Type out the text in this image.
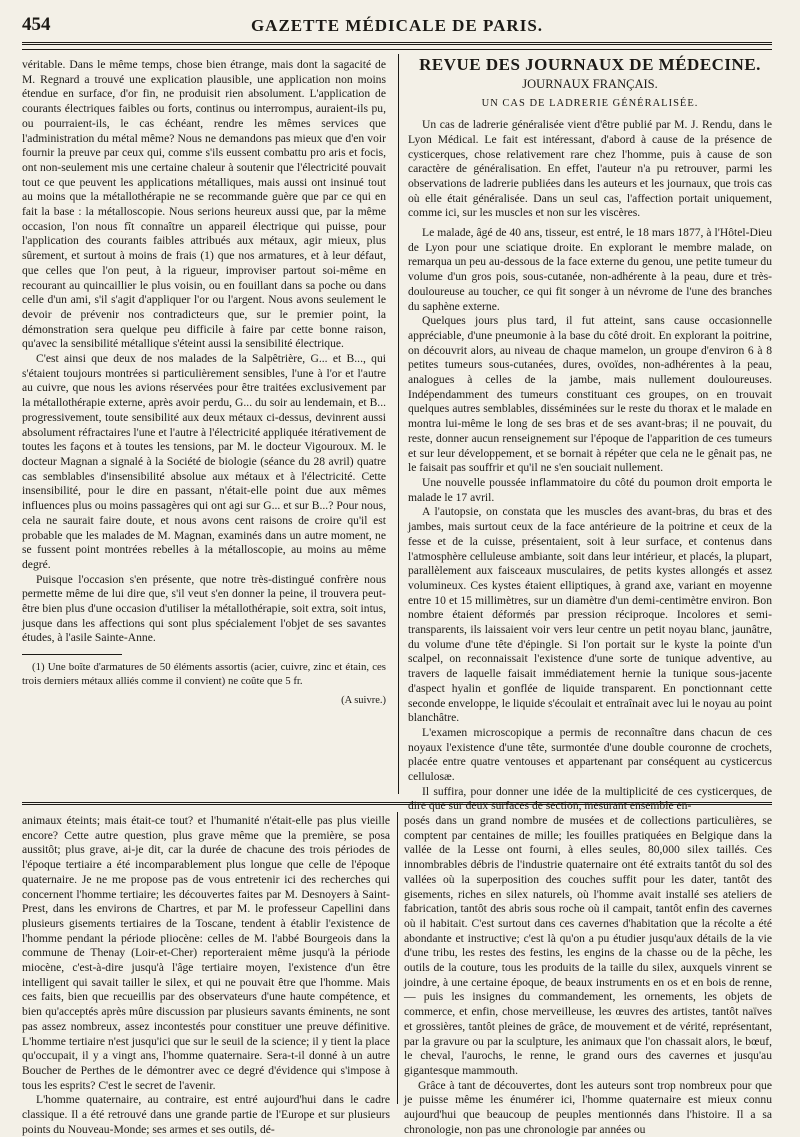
454	GAZETTE MÉDICALE DE PARIS.

véritable. Dans le même temps, chose bien étrange, mais dont la sagacité de M. Regnard a trouvé une explication plausible, une application non moins étendue en surface, d'or fin, ne produisit rien absolument. L'application de courants électriques faibles ou forts, continus ou interrompus, auraient-ils pu, ou pourraient-ils, le cas échéant, rendre les mêmes services que l'administration du métal même? Nous ne demandons pas mieux que d'en voir fournir la preuve par ceux qui, comme s'ils eussent combattu pro aris et focis, ont non-seulement mis une certaine chaleur à soutenir que l'électricité pouvait tout ce que peuvent les applications métalliques, mais aussi ont insinué tout au moins que la métallothérapie ne se recommande guère que par ce qui en fait la base : la métalloscopie. Nous serions heureux aussi que, par la même occasion, l'on nous fît connaître un appareil électrique qui puisse, pour l'application des courants faibles attribués aux métaux, agir mieux, plus sûrement, et surtout à moins de frais (1) que nos armatures, et à leur défaut, que celles que l'on peut, à la rigueur, improviser partout soi-même en recourant au quincaillier le plus voisin, ou en fouillant dans sa poche ou dans celle d'un ami, s'il s'agit d'appliquer l'or ou l'argent. Nous avons seulement le devoir de prévenir nos contradicteurs que, sur le premier point, la démonstration sera quelque peu difficile à faire par cette bonne raison, qu'avec la sensibilité métallique s'éteint aussi la sensibilité électrique.

C'est ainsi que deux de nos malades de la Salpêtrière, G... et B..., qui s'étaient toujours montrées si particulièrement sensibles, l'une à l'or et l'autre au cuivre, que nous les avions réservées pour être traitées exclusivement par la métallothérapie externe, après avoir perdu, G... du soir au lendemain, et B... progressivement, toute sensibilité aux deux métaux ci-dessus, devinrent aussi absolument réfractaires l'une et l'autre à l'électricité appliquée itérativement de toutes les façons et à toutes les tensions, par M. le docteur Vigouroux. M. le docteur Magnan a signalé à la Société de biologie (séance du 28 avril) quatre cas semblables d'insensibilité absolue aux métaux et à l'électricité. Cette insensibilité, pour le dire en passant, n'était-elle point due aux mêmes influences plus ou moins passagères qui ont agi sur G... et sur B...? Pour nous, cela ne saurait faire doute, et nous avons cent raisons de croire qu'il est probable que les malades de M. Magnan, examinés dans un autre moment, ne se fussent point montrées rebelles à la métalloscopie, au moins au même degré.

Puisque l'occasion s'en présente, que notre très-distingué confrère nous permette même de lui dire que, s'il veut s'en donner la peine, il trouvera peut-être bien plus d'une occasion d'utiliser la métallothérapie, soit extra, soit intus, jusque dans les affections qui sont plus spécialement l'objet de ses savantes études, à l'asile Sainte-Anne.

(1) Une boîte d'armatures de 50 éléments assortis (acier, cuivre, zinc et étain, ces trois derniers métaux alliés comme il convient) ne coûte que 5 fr.

(A suivre.)
REVUE DES JOURNAUX DE MÉDECINE.
JOURNAUX FRANÇAIS.
UN CAS DE LADRERIE GÉNÉRALISÉE.

Un cas de ladrerie généralisée vient d'être publié par M. J. Rendu, dans le Lyon Médical. Le fait est intéressant, d'abord à cause de la présence de cysticerques, chose relativement rare chez l'homme, puis à cause de son caractère de généralisation. En effet, l'auteur n'a pu retrouver, parmi les observations de ladrerie publiées dans les auteurs et les journaux, que trois cas où elle était généralisée. Dans un seul cas, l'affection portait uniquement, comme ici, sur les muscles et non sur les viscères.

Le malade, âgé de 40 ans, tisseur, est entré, le 18 mars 1877, à l'Hôtel-Dieu de Lyon pour une sciatique droite. En explorant le membre malade, on remarqua un peu au-dessous de la face externe du genou, une petite tumeur du volume d'un gros pois, sous-cutanée, non-adhérente à la peau, dure et très-douloureuse au toucher, ce qui fit songer à un névrome de l'une des branches du saphène externe.

Quelques jours plus tard, il fut atteint, sans cause occasionnelle appréciable, d'une pneumonie à la base du côté droit. En explorant la poitrine, on découvrit alors, au niveau de chaque mamelon, un groupe d'environ 6 à 8 petites tumeurs sous-cutanées, dures, ovoïdes, non-adhérentes à la peau, analogues à celles de la jambe, mais nullement douloureuses. Indépendamment des tumeurs constituant ces groupes, on en trouvait quelques autres semblables, disséminées sur le reste du thorax et le malade en montra lui-même le long de ses bras et de ses avant-bras; il ne pouvait, du reste, donner aucun renseignement sur l'époque de l'apparition de ces tumeurs et sur leur développement, et se bornait à répéter que cela ne le gênait pas, ne le faisait pas souffrir et qu'il ne s'en souciait nullement.

Une nouvelle poussée inflammatoire du côté du poumon droit emporta le malade le 17 avril.

A l'autopsie, on constata que les muscles des avant-bras, du bras et des jambes, mais surtout ceux de la face antérieure de la poitrine et ceux de la fesse et de la cuisse, présentaient, soit à leur surface, et contenus dans l'atmosphère celluleuse ambiante, soit dans leur intérieur, et placés, la plupart, parallèlement aux faisceaux musculaires, de petits kystes allongés et assez volumineux. Ces kystes étaient elliptiques, à grand axe, variant en moyenne entre 10 et 15 millimètres, sur un diamètre d'un demi-centimètre environ. Bon nombre étaient déformés par pression réciproque. Incolores et semi-transparents, ils laissaient voir vers leur centre un petit noyau blanc, jaunâtre, du volume d'une tête d'épingle. Si l'on portait sur le kyste la pointe d'un scalpel, on reconnaissait l'existence d'une sorte de tunique adventive, au travers de laquelle faisait immédiatement hernie la tunique sous-jacente d'aspect hyalin et gonflée de liquide transparent. En ponctionnant cette seconde enveloppe, le liquide s'écoulait et entraînait avec lui le noyau au point blanchâtre.

L'examen microscopique a permis de reconnaître dans chacun de ces noyaux l'existence d'une tête, surmontée d'une double couronne de crochets, placée entre quatre ventouses et appartenant par conséquent au cysticercus cellulosæ.

Il suffira, pour donner une idée de la multiplicité de ces cysticerques, de dire que sur deux surfaces de section, mesurant ensemble en-

animaux éteints; mais était-ce tout? et l'humanité n'était-elle pas plus vieille encore? Cette autre question, plus grave même que la première, se posa aussitôt; plus grave, ai-je dit, car la durée de chacune des trois périodes de l'époque tertiaire a été incomparablement plus longue que celle de l'époque quaternaire. Je ne me propose pas de vous entretenir ici des recherches qui concernent l'homme tertiaire; les découvertes faites par M. Desnoyers à Saint-Prest, dans les environs de Chartres, et par M. le professeur Capellini dans plusieurs gisements tertiaires de la Toscane, tendent à établir l'existence de l'homme pendant la période pliocène: celles de M. l'abbé Bourgeois dans la commune de Thenay (Loir-et-Cher) reporteraient même jusqu'à la période miocène, c'est-à-dire jusqu'à l'âge tertiaire moyen, l'existence d'un être intelligent qui savait tailler le silex, et qui ne pouvait être que l'homme. Mais ces faits, bien que recueillis par des observateurs d'une haute compétence, et bien qu'acceptés après mûre discussion par plusieurs savants éminents, ne sont pas assez nombreux, assez incontestés pour constituer une preuve définitive. L'homme tertiaire n'est jusqu'ici que sur le seuil de la science; il y tient la place qu'occupait, il y a vingt ans, l'homme quaternaire. Sera-t-il donné à un autre Boucher de Perthes de le démontrer avec ce degré d'évidence qui s'impose à tous les esprits? C'est le secret de l'avenir.

L'homme quaternaire, au contraire, est entré aujourd'hui dans le cadre classique. Il a été retrouvé dans une grande partie de l'Europe et sur plusieurs points du Nouveau-Monde; ses armes et ses outils, dé-

posés dans un grand nombre de musées et de collections particulières, se comptent par centaines de mille; les fouilles pratiquées en Belgique dans la vallée de la Lesse ont fourni, à elles seules, 80,000 silex taillés. Ces innombrables débris de l'industrie quaternaire ont été extraits tantôt du sol des vallées où la superposition des couches suffit pour les dater, tantôt des gisements, riches en silex naturels, où l'homme avait installé ses ateliers de fabrication, tantôt des abris sous roche où il campait, tantôt enfin des cavernes où il habitait. C'est surtout dans ces cavernes d'habitation que la récolte a été abondante et instructive; c'est là qu'on a pu étudier jusqu'aux détails de la vie d'une tribu, les restes des festins, les engins de la chasse ou de la pêche, les outils de la couture, tous les produits de la taille du silex, auxquels vinrent se joindre, à une certaine époque, de beaux instruments en os et en bois de renne, — puis les insignes du commandement, les ornements, les objets de commerce, et enfin, chose merveilleuse, les œuvres des artistes, tantôt naïves et grossières, tantôt pleines de grâce, de mouvement et de vérité, représentant, par la gravure ou par la sculpture, les animaux que l'on chassait alors, le bœuf, le cheval, l'aurochs, le renne, le grand ours des cavernes et jusqu'au gigantesque mammouth.

Grâce à tant de découvertes, dont les auteurs sont trop nombreux pour que je puisse même les énumérer ici, l'homme quaternaire est mieux connu aujourd'hui que beaucoup de peuples mentionnés dans l'histoire. Il a sa chronologie, non pas une chronologie par années ou
